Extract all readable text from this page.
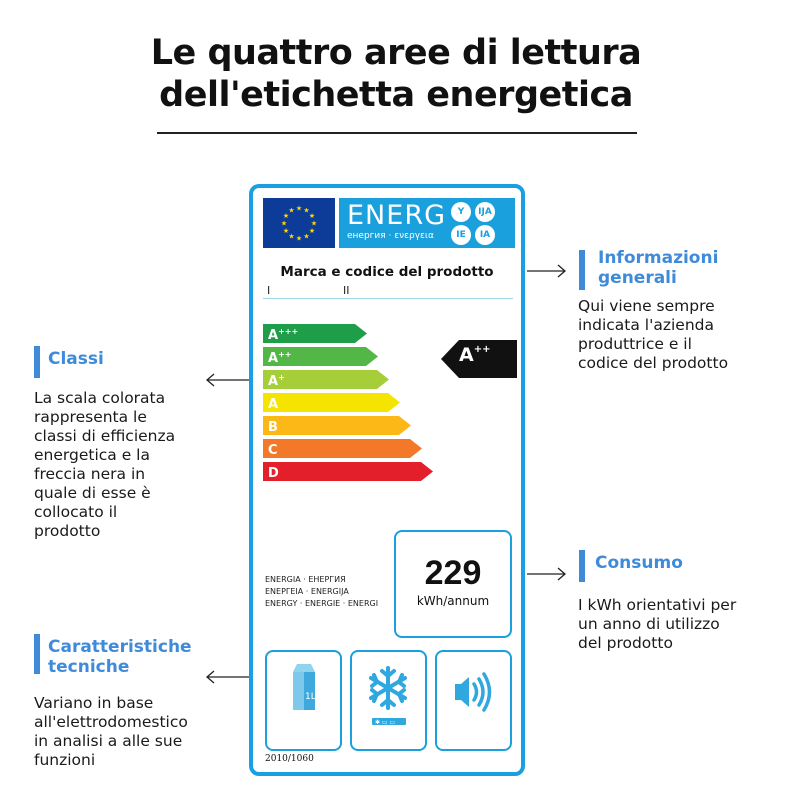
Le quattro aree di lettura
dell'etichetta energetica
★ ★
★
★
★
★
★
★
★
★
★
★ ENERG
енергия · ενεργεια
Y	IJA
IE	IA
Marca e codice del prodotto
I	II
A+++
A++
A+
A
B
C
D
A++
ENERGIA · ЕНЕРГИЯ
ΕΝΕΡΓΕΙΑ · ENERGIJA
ENERGY · ENERGIE · ENERGI
229
kWh/annum
1L
✱ ▭ ▭
2010/1060
Informazioni
generali
Qui viene sempre
indicata l'azienda
produttrice e il
codice del prodotto
Classi
La scala colorata
rappresenta le
classi di efficienza
energetica e la
freccia nera in
quale di esse è
collocato il
prodotto
Consumo
I kWh orientativi per
un anno di utilizzo
del prodotto
Caratteristiche
tecniche
Variano in base
all'elettrodomestico
in analisi a alle sue
funzioni
